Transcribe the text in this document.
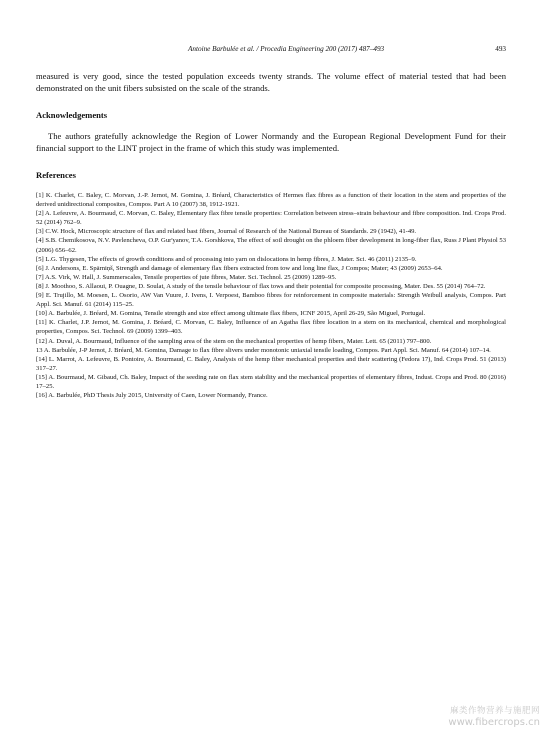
Antoine Barbulée et al. / Procedia Engineering 200 (2017) 487–493	493

measured is very good, since the tested population exceeds twenty strands. The volume effect of material tested that had been demonstrated on the unit fibers subsisted on the scale of the strands.

Acknowledgements

The authors gratefully acknowledge the Region of Lower Normandy and the European Regional Development Fund for their financial support to the LINT project in the frame of which this study was implemented.

References
[1] K. Charlet, C. Baley, C. Morvan, J.-P. Jernot, M. Gomina, J. Bréard, Characteristics of Hermes flax fibres as a function of their location in the stem and properties of the derived unidirectional composites, Compos. Part A 10 (2007) 38, 1912-1921.
[2] A. Lefeuvre, A. Bourmaud, C. Morvan, C. Baley, Elementary flax fibre tensile properties: Correlation between stress–strain behaviour and fibre composition. Ind. Crops Prod. 52 (2014) 762–9.
[3] C.W. Hock, Microscopic structure of flax and related bast fibers, Journal of Research of the National Bureau of Standards. 29 (1942), 41-49.
[4] S.B. Chemikosova, N.V. Pavlencheva, O.P. Gur'yanov, T.A. Gorshkova, The effect of soil drought on the phloem fiber development in long-fiber flax, Russ J Plant Physiol 53 (2006) 656–62.
[5] L.G. Thygesen, The effects of growth conditions and of processing into yarn on dislocations in hemp fibres, J. Mater. Sci. 46 (2011) 2135–9.
[6] J. Andersons, E. Spārniņš, Strength and damage of elementary flax fibers extracted from tow and long line flax, J Compos; Mater; 43 (2009) 2653–64.
[7] A.S. Virk, W. Hall, J. Summerscales, Tensile properties of jute fibres, Mater. Sci. Technol. 25 (2009) 1289–95.
[8] J. Moothoo, S. Allaoui, P. Ouagne, D. Soulat, A study of the tensile behaviour of flax tows and their potential for composite processing, Mater. Des. 55 (2014) 764–72.
[9] E. Trujillo, M. Moesen, L. Osorio, AW Van Vuure, J. Ivens, I. Verpoest, Bamboo fibres for reinforcement in composite materials: Strength Weibull analysis, Compos. Part Appl. Sci. Manuf. 61 (2014) 115–25.
[10] A. Barbulée, J. Bréard, M. Gomina, Tensile strength and size effect among ultimate flax fibers, ICNF 2015, April 26-29, São Miguel, Portugal.
[11] K. Charlet, J.P. Jernot, M. Gomina, J. Bréard, C. Morvan, C. Baley, Influence of an Agatha flax fibre location in a stem on its mechanical, chemical and morphological properties, Compos. Sci. Technol. 69 (2009) 1399–403.
[12] A. Duval, A. Bourmaud, Influence of the sampling area of the stem on the mechanical properties of hemp fibers, Mater. Lett. 65 (2011) 797–800.
13 A. Barbulée, J-P Jernot, J. Bréard, M. Gomina, Damage to flax fibre slivers under monotonic uniaxial tensile loading, Compos. Part Appl. Sci. Manuf. 64 (2014) 107–14.
[14] L. Marrot, A. Lefeuvre, B. Pontoire, A. Bourmaud, C. Baley, Analysis of the hemp fiber mechanical properties and their scattering (Fedora 17), Ind. Crops Prod. 51 (2013) 317–27.
[15] A. Bourmaud, M. Gibaud, Ch. Baley, Impact of the seeding rate on flax stem stability and the mechanical properties of elementary fibres, Indust. Crops and Prod. 80 (2016) 17–25.
[16] A. Barbulée, PhD Thesis July 2015, University of Caen, Lower Normandy, France.
麻类作物营养与施肥网
www.fibercrops.cn
